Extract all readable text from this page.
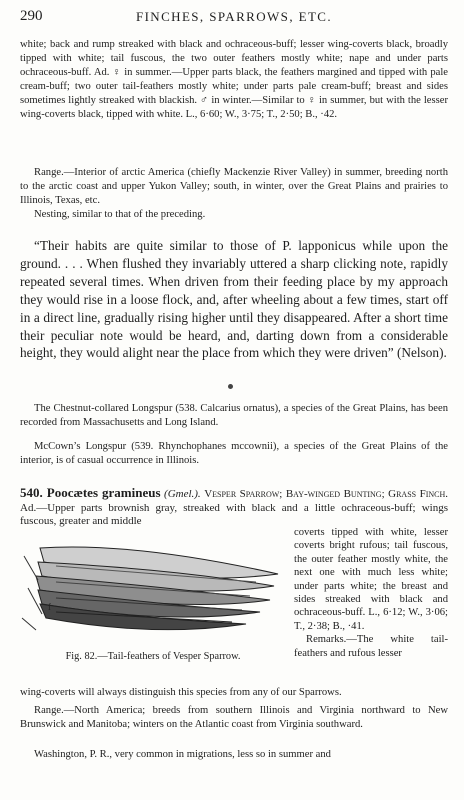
290	FINCHES, SPARROWS, ETC.

white; back and rump streaked with black and ochraceous-buff; lesser wing-coverts black, broadly tipped with white; tail fuscous, the two outer feathers mostly white; nape and under parts ochraceous-buff. Ad. ♀ in summer.—Upper parts black, the feathers margined and tipped with pale cream-buff; two outer tail-feathers mostly white; under parts pale cream-buff; breast and sides sometimes lightly streaked with blackish. ♂ in winter.—Similar to ♀ in summer, but with the lesser wing-coverts black, tipped with white. L., 6·60; W., 3·75; T., 2·50; B., ·42.

Range.—Interior of arctic America (chiefly Mackenzie River Valley) in summer, breeding north to the arctic coast and upper Yukon Valley; south, in winter, over the Great Plains and prairies to Illinois, Texas, etc.

Nesting, similar to that of the preceding.

“Their habits are quite similar to those of P. lapponicus while upon the ground. . . . When flushed they invariably uttered a sharp clicking note, rapidly repeated several times. When driven from their feeding place by my approach they would rise in a loose flock, and, after wheeling about a few times, start off in a direct line, gradually rising higher until they disappeared. After a short time their peculiar note would be heard, and, darting down from a considerable height, they would alight near the place from which they were driven” (Nelson).

The Chestnut-collared Longspur (538. Calcarius ornatus), a species of the Great Plains, has been recorded from Massachusetts and Long Island.

McCown’s Longspur (539. Rhynchophanes mccownii), a species of the Great Plains of the interior, is of casual occurrence in Illinois.

540. Poocætes gramineus (Gmel.). Vesper Sparrow; Bay-winged Bunting; Grass Finch. Ad.—Upper parts brownish gray, streaked with black and a little ochraceous-buff; wings fuscous, greater and middle
f
Fig. 82.—Tail-feathers of Vesper Sparrow.
coverts tipped with white, lesser coverts bright rufous; tail fuscous, the outer feather mostly white, the next one with much less white; under parts white; the breast and sides streaked with black and ochraceous-buff. L., 6·12; W., 3·06; T., 2·38; B., ·41.
Remarks.—The white tail-feathers and rufous lesser

wing-coverts will always distinguish this species from any of our Sparrows.

Range.—North America; breeds from southern Illinois and Virginia northward to New Brunswick and Manitoba; winters on the Atlantic coast from Virginia southward.

Washington, P. R., very common in migrations, less so in summer and
